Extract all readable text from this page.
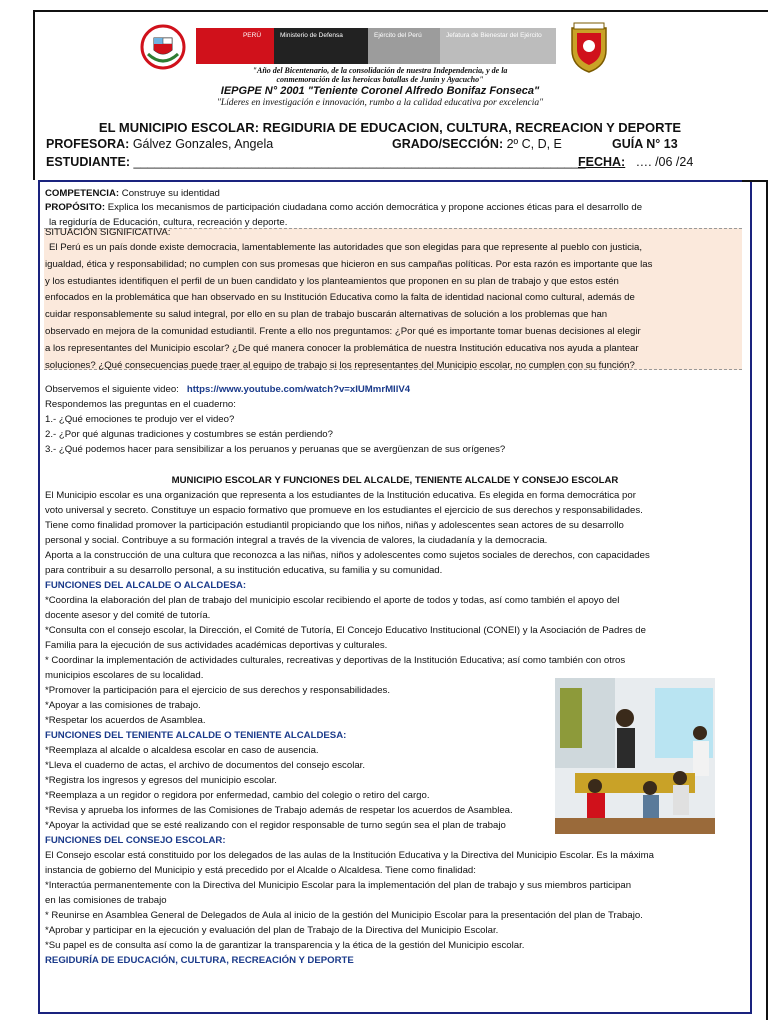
PERÚ	Ministerio de Defensa	Ejército del Perú	Jefatura de Bienestar del Ejército
"Año del Bicentenario, de la consolidación de nuestra Independencia, y de la
conmemoración de las heroicas batallas de Junín y Ayacucho"
IEPGPE N° 2001 "Teniente Coronel Alfredo Bonifaz Fonseca"
"Líderes en investigación e innovación, rumbo a la calidad educativa por excelencia"
EL MUNICIPIO ESCOLAR: REGIDURIA DE EDUCACION, CULTURA, RECREACION Y DEPORTE
PROFESORA: Gálvez Gonzales, Angela	GRADO/SECCIÓN: 2º C, D, E	GUÍA N° 13
ESTUDIANTE: _________________________________________________________________
FECHA: …. /06 /24
COMPETENCIA: Construye su identidad
PROPÓSITO: Explica los mecanismos de participación ciudadana como acción democrática y propone acciones éticas para el desarrollo de
la regiduría de Educación, cultura, recreación y deporte.
SITUACIÓN SIGNIFICATIVA:
El Perú es un país donde existe democracia, lamentablemente las autoridades que son elegidas para que represente al pueblo con justicia,
igualdad, ética y responsabilidad; no cumplen con sus promesas que hicieron en sus campañas políticas. Por esta razón es importante que las
y los estudiantes identifiquen el perfil de un buen candidato y los planteamientos que proponen en su plan de trabajo y que estos estén
enfocados en la problemática que han observado en su Institución Educativa como la falta de identidad nacional como cultural, además de
cuidar responsablemente su salud integral, por ello en su plan de trabajo buscarán alternativas de solución a los problemas que han
observado en mejora de la comunidad estudiantil. Frente a ello nos preguntamos: ¿Por qué es importante tomar buenas decisiones al elegir
a los representantes del Municipio escolar? ¿De qué manera conocer la problemática de nuestra Institución educativa nos ayuda a plantear
soluciones? ¿Qué consecuencias puede traer al equipo de trabajo si los representantes del Municipio escolar, no cumplen con su función?
Observemos el siguiente video: https://www.youtube.com/watch?v=xIUMmrMIlV4
Respondemos las preguntas en el cuaderno:
1.- ¿Qué emociones te produjo ver el video?
2.- ¿Por qué algunas tradiciones y costumbres se están perdiendo?
3.- ¿Qué podemos hacer para sensibilizar a los peruanos y peruanas que se avergüenzan de sus orígenes?
MUNICIPIO ESCOLAR Y FUNCIONES DEL ALCALDE, TENIENTE ALCALDE Y CONSEJO ESCOLAR
El Municipio escolar es una organización que representa a los estudiantes de la Institución educativa. Es elegida en forma democrática por
voto universal y secreto. Constituye un espacio formativo que promueve en los estudiantes el ejercicio de sus derechos y responsabilidades.
Tiene como finalidad promover la participación estudiantil propiciando que los niños, niñas y adolescentes sean actores de su desarrollo
personal y social. Contribuye a su formación integral a través de la vivencia de valores, la ciudadanía y la democracia.
Aporta a la construcción de una cultura que reconozca a las niñas, niños y adolescentes como sujetos sociales de derechos, con capacidades
para contribuir a su desarrollo personal, a su institución educativa, su familia y su comunidad.
FUNCIONES DEL ALCALDE O ALCALDESA:
*Coordina la elaboración del plan de trabajo del municipio escolar recibiendo el aporte de todos y todas, así como también el apoyo del
docente asesor y del comité de tutoría.
*Consulta con el consejo escolar, la Dirección, el Comité de Tutoría, El Concejo Educativo Institucional (CONEI) y la Asociación de Padres de
Familia para la ejecución de sus actividades académicas deportivas y culturales.
* Coordinar la implementación de actividades culturales, recreativas y deportivas de la Institución Educativa; así como también con otros
municipios escolares de su localidad.
*Promover la participación para el ejercicio de sus derechos y responsabilidades.
*Apoyar a las comisiones de trabajo.
*Respetar los acuerdos de Asamblea.
FUNCIONES DEL TENIENTE ALCALDE O TENIENTE ALCALDESA:
*Reemplaza al alcalde o alcaldesa escolar en caso de ausencia.
*Lleva el cuaderno de actas, el archivo de documentos del consejo escolar.
*Registra los ingresos y egresos del municipio escolar.
*Reemplaza a un regidor o regidora por enfermedad, cambio del colegio o retiro del cargo.
*Revisa y aprueba los informes de las Comisiones de Trabajo además de respetar los acuerdos de Asamblea.
*Apoyar la actividad que se esté realizando con el regidor responsable de turno según sea el plan de trabajo
FUNCIONES DEL CONSEJO ESCOLAR:
El Consejo escolar está constituido por los delegados de las aulas de la Institución Educativa y la Directiva del Municipio Escolar. Es la máxima
instancia de gobierno del Municipio y está precedido por el Alcalde o Alcaldesa. Tiene como finalidad:
*Interactúa permanentemente con la Directiva del Municipio Escolar para la implementación del plan de trabajo y sus miembros participan
en las comisiones de trabajo
* Reunirse en Asamblea General de Delegados de Aula al inicio de la gestión del Municipio Escolar para la presentación del plan de Trabajo.
*Aprobar y participar en la ejecución y evaluación del plan de Trabajo de la Directiva del Municipio Escolar.
*Su papel es de consulta así como la de garantizar la transparencia y la ética de la gestión del Municipio escolar.
REGIDURÍA DE EDUCACIÓN, CULTURA, RECREACIÓN Y DEPORTE
